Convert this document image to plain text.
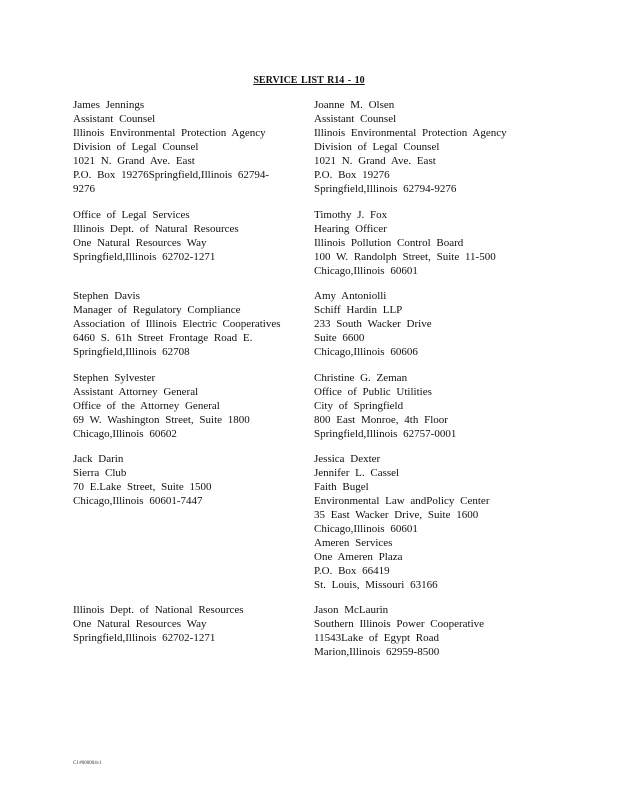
SERVICE LIST R14 - 10
James Jennings
Assistant Counsel
Illinois Environmental Protection Agency
Division of Legal Counsel
1021 N. Grand Ave. East
P.O. Box 19276Springfield,Illinois 62794-
9276
Joanne M. Olsen
Assistant Counsel
Illinois Environmental Protection Agency
Division of Legal Counsel
1021 N. Grand Ave. East
P.O. Box 19276
Springfield,Illinois 62794-9276
Office of Legal Services
Illinois Dept. of Natural Resources
One Natural Resources Way
Springfield,Illinois 62702-1271
Timothy J. Fox
Hearing Officer
Illinois Pollution Control Board
100 W. Randolph Street, Suite 11-500
Chicago,Illinois 60601
Stephen Davis
Manager of Regulatory Compliance
Association of Illinois Electric Cooperatives
6460 S. 61h Street Frontage Road E.
Springfield,Illinois 62708
Amy Antoniolli
Schiff Hardin LLP
233 South Wacker Drive
Suite 6600
Chicago,Illinois 60606
Stephen Sylvester
Assistant Attorney General
Office of the Attorney General
69 W. Washington Street, Suite 1800
Chicago,Illinois 60602
Christine G. Zeman
Office of Public Utilities
City of Springfield
800 East Monroe, 4th Floor
Springfield,Illinois 62757-0001
Jack Darin
Sierra Club
70 E.Lake Street, Suite 1500
Chicago,Illinois 60601-7447
Jessica Dexter
Jennifer L. Cassel
Faith Bugel
Environmental Law andPolicy Center
35 East Wacker Drive, Suite 1600
Chicago,Illinois 60601
Ameren Services
One Ameren Plaza
P.O. Box 66419
St. Louis, Missouri 63166
Illinois Dept. of National Resources
One Natural Resources Way
Springfield,Illinois 62702-1271
Jason McLaurin
Southern Illinois Power Cooperative
11543Lake of Egypt Road
Marion,Illinois 62959-8500
CI #000004v1
